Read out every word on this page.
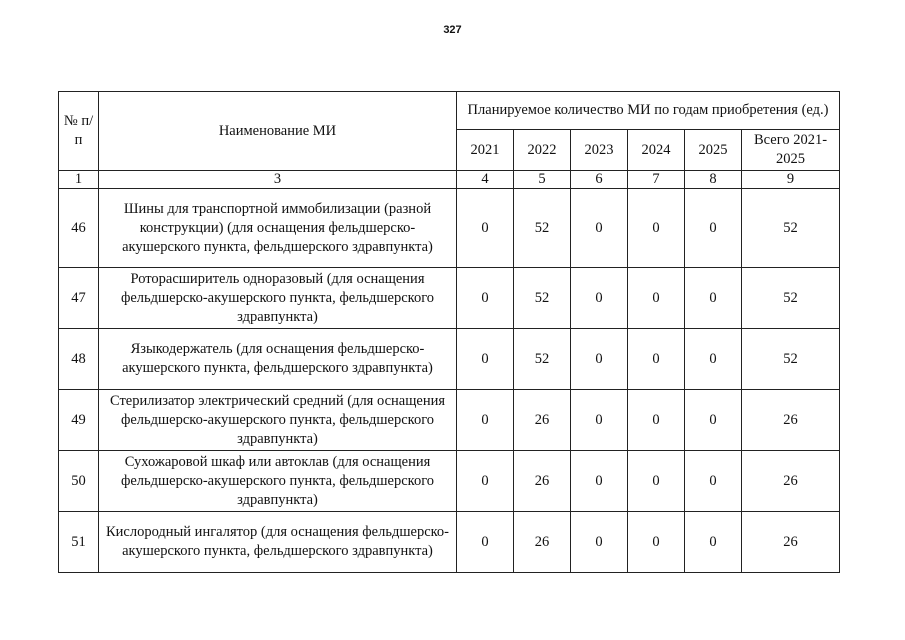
327
№ п/п	Наименование МИ	Планируемое количество МИ по годам приобретения (ед.)					
		2021	2022	2023	2024	2025	Всего 2021-2025
1	3	4	5	6	7	8	9
46	Шины для транспортной иммобилизации (разной конструкции) (для оснащения фельдшерско-акушерского пункта, фельдшерского здравпункта)	0	52	0	0	0	52
47	Роторасширитель одноразовый (для оснащения фельдшерско-акушерского пункта, фельдшерского здравпункта)	0	52	0	0	0	52
48	Языкодержатель (для оснащения фельдшерско-акушерского пункта, фельдшерского здравпункта)	0	52	0	0	0	52
49	Стерилизатор электрический средний (для оснащения фельдшерско-акушерского пункта, фельдшерского здравпункта)	0	26	0	0	0	26
50	Сухожаровой шкаф или автоклав (для оснащения фельдшерско-акушерского пункта, фельдшерского здравпункта)	0	26	0	0	0	26
51	Кислородный ингалятор (для оснащения фельдшерско-акушерского пункта, фельдшерского здравпункта)	0	26	0	0	0	26
